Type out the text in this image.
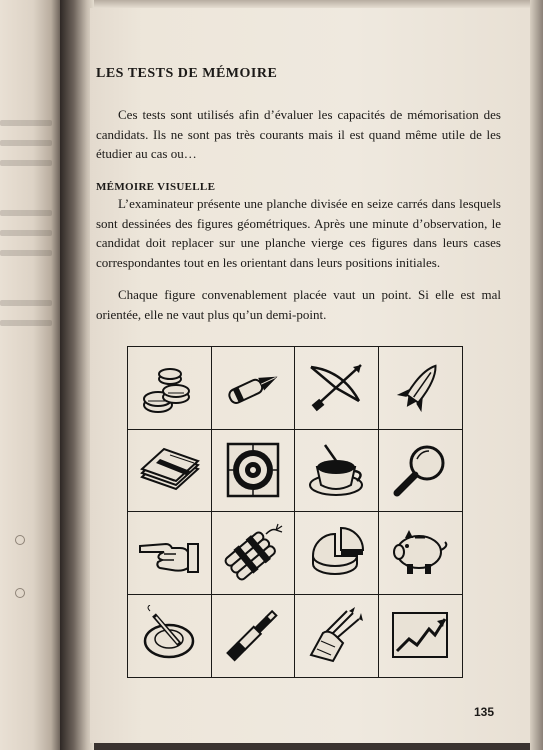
LES TESTS DE MÉMOIRE
Ces tests sont utilisés afin d’évaluer les capacités de mémorisation des candidats. Ils ne sont pas très courants mais il est quand même utile de les étudier au cas ou…
MÉMOIRE VISUELLE
L’examinateur présente une planche divisée en seize carrés dans lesquels sont dessinées des figures géométriques. Après une minute d’observation, le candidat doit replacer sur une planche vierge ces figures dans leurs cases correspondantes tout en les orientant dans leurs positions initiales.
Chaque figure convenablement placée vaut un point. Si elle est mal orientée, elle ne vaut plus qu’un demi-point.
135
